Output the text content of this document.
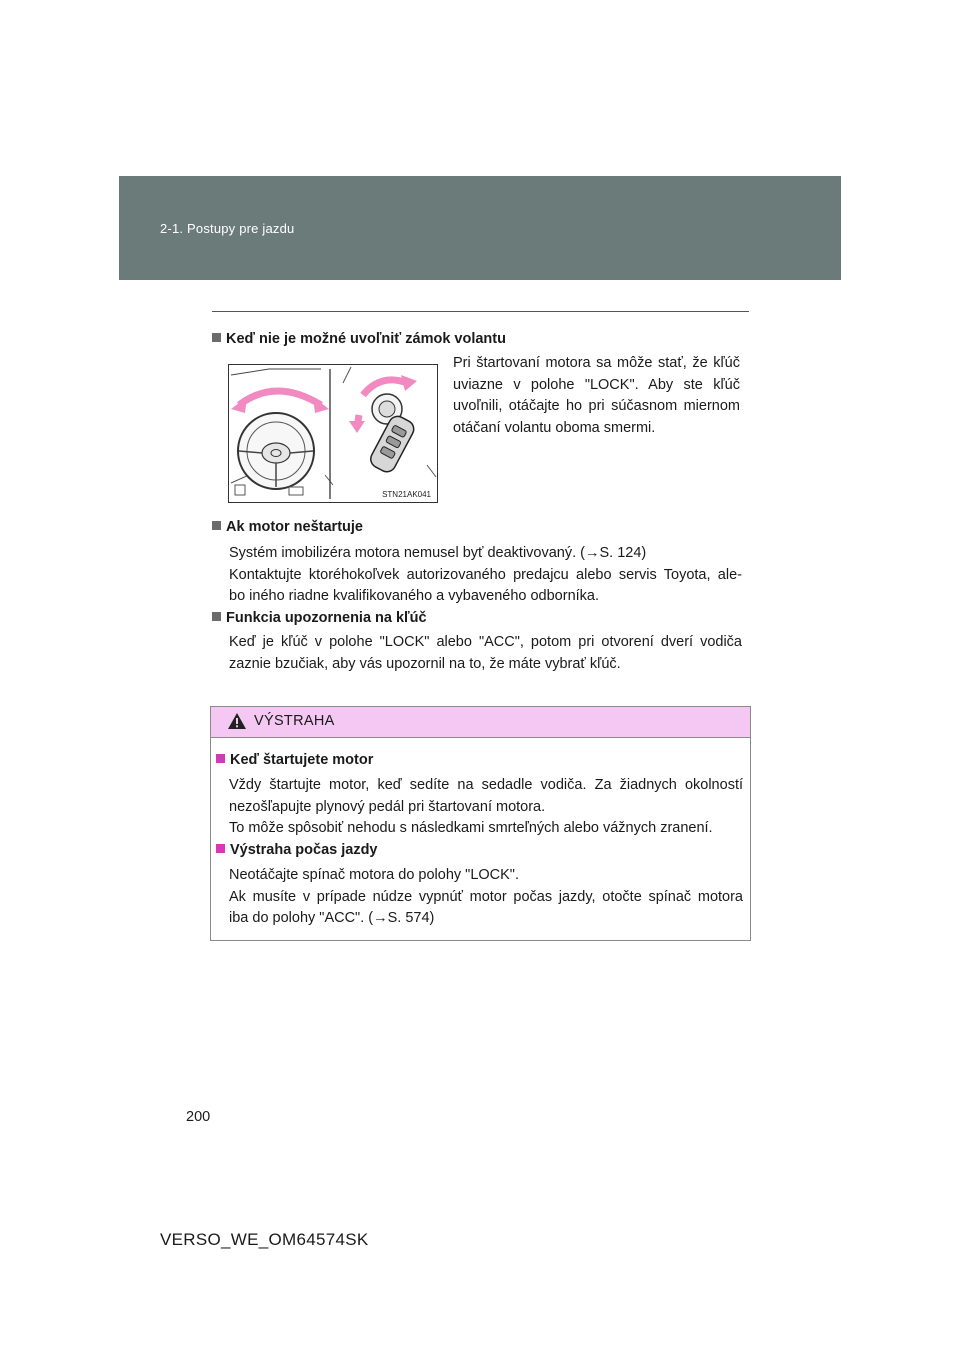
2-1. Postupy pre jazdu
Keď nie je možné uvoľniť zámok volantu
STN21AK041
Pri štartovaní motora sa môže stať, že kľúč uviazne v polohe "LOCK". Aby ste kľúč uvoľnili, otáčajte ho pri súčasnom miernom otáčaní volantu oboma smermi.
Ak motor neštartuje
Systém imobilizéra motora nemusel byť deaktivovaný. (→S. 124)
Kontaktujte ktoréhokoľvek autorizovaného predajcu alebo servis Toyota, ale-
bo iného riadne kvalifikovaného a vybaveného odborníka.
Funkcia upozornenia na kľúč
Keď je kľúč v polohe "LOCK" alebo "ACC", potom pri otvorení dverí vodiča
zaznie bzučiak, aby vás upozornil na to, že máte vybrať kľúč.
VÝSTRAHA
Keď štartujete motor
Vždy štartujte motor, keď sedíte na sedadle vodiča. Za žiadnych okolností
nezošľapujte plynový pedál pri štartovaní motora.
To môže spôsobiť nehodu s následkami smrteľných alebo vážnych zranení.
Výstraha počas jazdy
Neotáčajte spínač motora do polohy "LOCK".
Ak musíte v prípade núdze vypnúť motor počas jazdy, otočte spínač motora
iba do polohy "ACC". (→S. 574)
200
VERSO_WE_OM64574SK
